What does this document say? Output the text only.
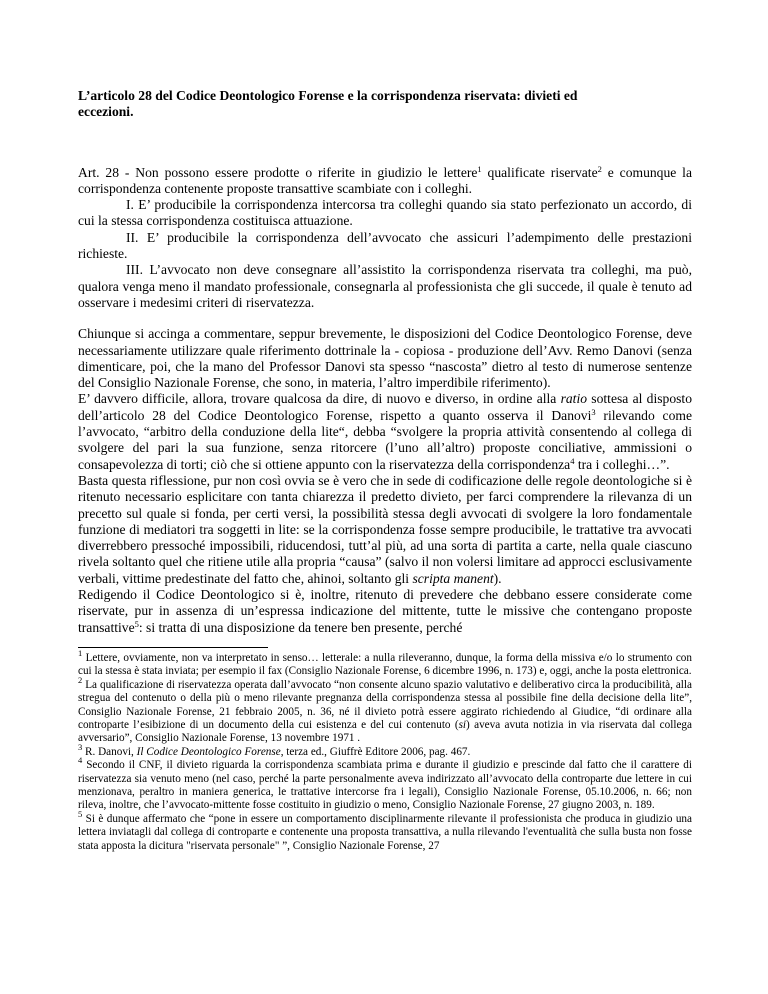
L’articolo 28 del Codice Deontologico Forense e la corrispondenza riservata: divieti ed
eccezioni.

Art. 28 - Non possono essere prodotte o riferite in giudizio le lettere$^1$ qualificate riservate$^2$ e comunque la corrispondenza contenente proposte transattive scambiate con i colleghi.

I. E’ producibile la corrispondenza intercorsa tra colleghi quando sia stato perfezionato un accordo, di cui la stessa corrispondenza costituisca attuazione.

II. E’ producibile la corrispondenza dell’avvocato che assicuri l’adempimento delle prestazioni richieste.

III. L’avvocato non deve consegnare all’assistito la corrispondenza riservata tra colleghi, ma può, qualora venga meno il mandato professionale, consegnarla al professionista che gli succede, il quale è tenuto ad osservare i medesimi criteri di riservatezza.

Chiunque si accinga a commentare, seppur brevemente, le disposizioni del Codice Deontologico Forense, deve necessariamente utilizzare quale riferimento dottrinale la - copiosa - produzione dell’Avv. Remo Danovi (senza dimenticare, poi, che la mano del Professor Danovi sta spesso “nascosta” dietro al testo di numerose sentenze del Consiglio Nazionale Forense, che sono, in materia, l’altro imperdibile riferimento).

E’ davvero difficile, allora, trovare qualcosa da dire, di nuovo e diverso, in ordine alla ratio sottesa al disposto dell’articolo 28 del Codice Deontologico Forense, rispetto a quanto osserva il Danovi$^3$ rilevando come l’avvocato, “arbitro della conduzione della lite“, debba “svolgere la propria attività consentendo al collega di svolgere del pari la sua funzione, senza ritorcere (l’uno all’altro) proposte conciliative, ammissioni o consapevolezza di torti; ciò che si ottiene appunto con la riservatezza della corrispondenza$^4$ tra i colleghi…”.

Basta questa riflessione, pur non così ovvia se è vero che in sede di codificazione delle regole deontologiche si è ritenuto necessario esplicitare con tanta chiarezza il predetto divieto, per farci comprendere la rilevanza di un precetto sul quale si fonda, per certi versi, la possibilità stessa degli avvocati di svolgere la loro fondamentale funzione di mediatori tra soggetti in lite: se la corrispondenza fosse sempre producibile, le trattative tra avvocati diverrebbero pressoché impossibili, riducendosi, tutt’al più, ad una sorta di partita a carte, nella quale ciascuno rivela soltanto quel che ritiene utile alla propria “causa” (salvo il non volersi limitare ad approcci esclusivamente verbali, vittime predestinate del fatto che, ahinoi, soltanto gli scripta manent).

Redigendo il Codice Deontologico si è, inoltre, ritenuto di prevedere che debbano essere considerate come riservate, pur in assenza di un’espressa indicazione del mittente, tutte le missive che contengano proposte transattive$^5$: si tratta di una disposizione da tenere ben presente, perché

$^1$ Lettere, ovviamente, non va interpretato in senso… letterale: a nulla rileveranno, dunque, la forma della missiva e/o lo strumento con cui la stessa è stata inviata; per esempio il fax (Consiglio Nazionale Forense, 6 dicembre 1996, n. 173) e, oggi, anche la posta elettronica.

$^2$ La qualificazione di riservatezza operata dall’avvocato “non consente alcuno spazio valutativo e deliberativo circa la producibilità, alla stregua del contenuto o della più o meno rilevante pregnanza della corrispondenza stessa al possibile fine della decisione della lite”, Consiglio Nazionale Forense, 21 febbraio 2005, n. 36, né il divieto potrà essere aggirato richiedendo al Giudice, “di ordinare alla controparte l’esibizione di un documento della cui esistenza e del cui contenuto (si) aveva avuta notizia in via riservata dal collega avversario”, Consiglio Nazionale Forense, 13 novembre 1971 .

$^3$ R. Danovi, Il Codice Deontologico Forense, terza ed., Giuffrè Editore 2006, pag. 467.

$^4$ Secondo il CNF, il divieto riguarda la corrispondenza scambiata prima e durante il giudizio e prescinde dal fatto che il carattere di riservatezza sia venuto meno (nel caso, perché la parte personalmente aveva indirizzato all’avvocato della controparte due lettere in cui menzionava, peraltro in maniera generica, le trattative intercorse fra i legali), Consiglio Nazionale Forense, 05.10.2006, n. 66; non rileva, inoltre, che l’avvocato-mittente fosse costituito in giudizio o meno, Consiglio Nazionale Forense, 27 giugno 2003, n. 189.

$^5$ Si è dunque affermato che “pone in essere un comportamento disciplinarmente rilevante il professionista che produca in giudizio una lettera inviatagli dal collega di controparte e contenente una proposta transattiva, a nulla rilevando l'eventualità che sulla busta non fosse stata apposta la dicitura "riservata personale" ”, Consiglio Nazionale Forense, 27
